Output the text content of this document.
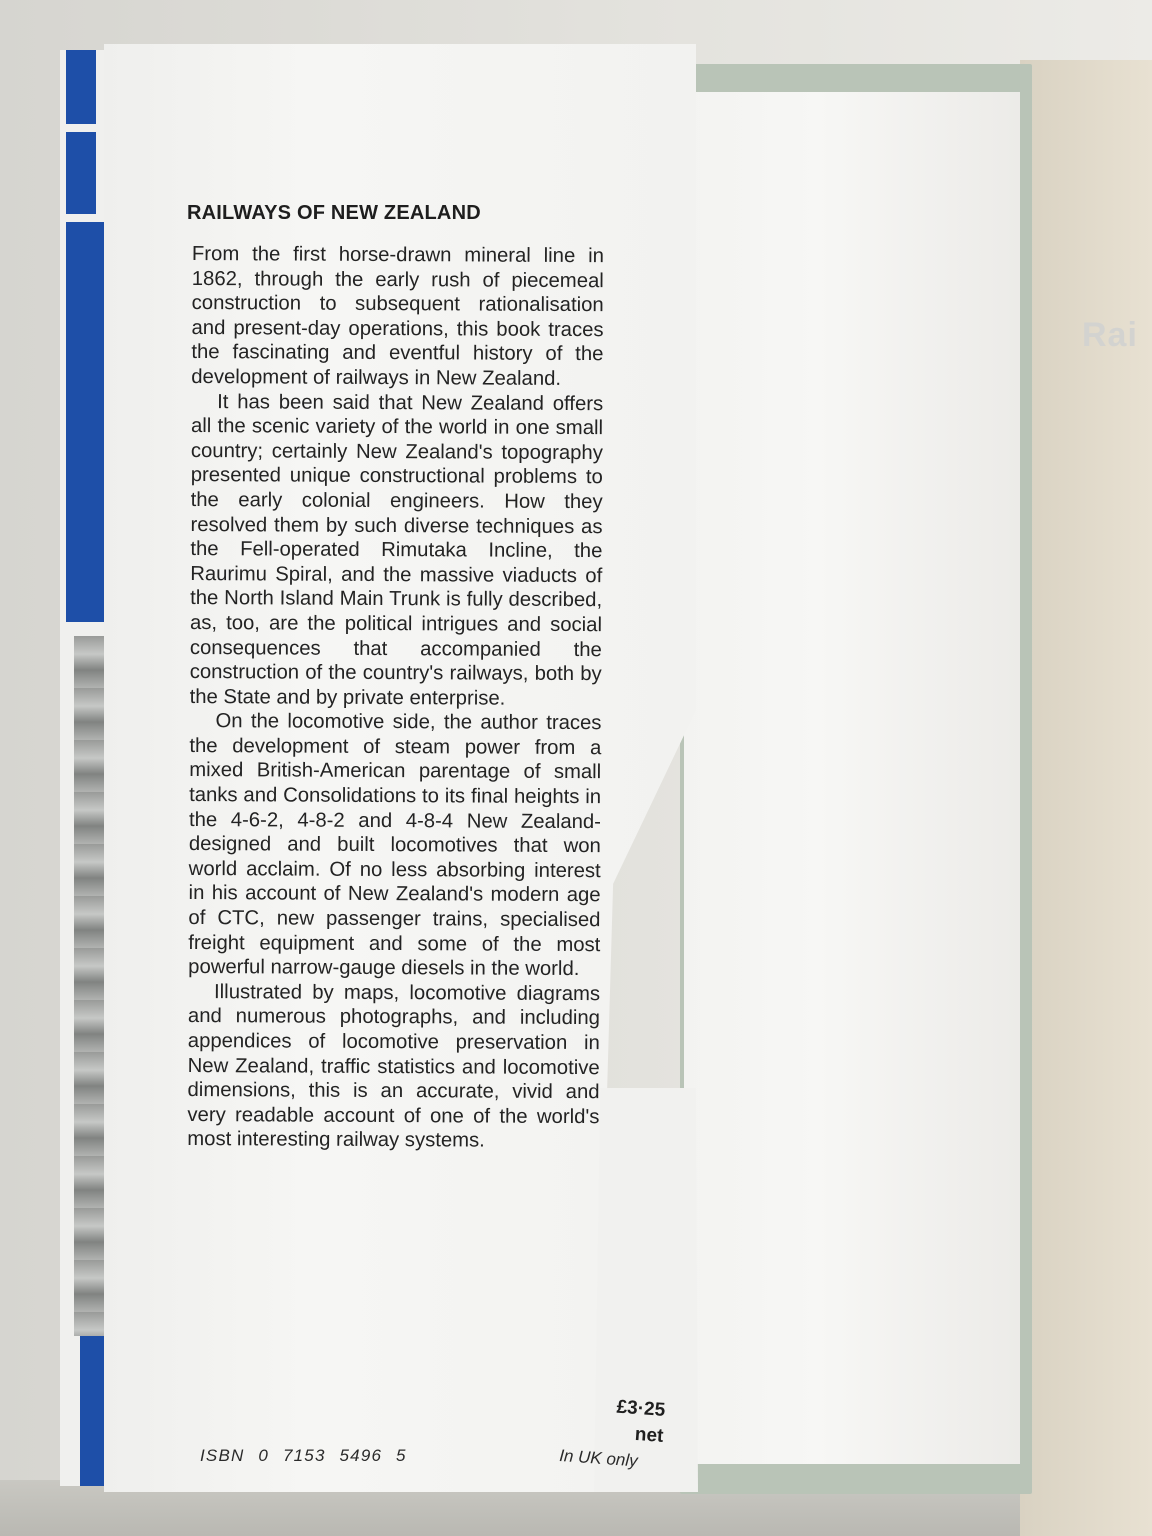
Rai
RAILWAYS OF NEW ZEALAND

From the first horse-drawn mineral line in 1862, through the early rush of piecemeal construction to subsequent rationalisation and present-day operations, this book traces the fascinating and eventful history of the development of railways in New Zealand.

It has been said that New Zealand offers all the scenic variety of the world in one small country; certainly New Zealand's topography presented unique constructional problems to the early colonial engineers. How they resolved them by such diverse techniques as the Fell-operated Rimutaka Incline, the Raurimu Spiral, and the massive viaducts of the North Island Main Trunk is fully described, as, too, are the political intrigues and social consequences that accompanied the construction of the country's railways, both by the State and by private enterprise.

On the locomotive side, the author traces the development of steam power from a mixed British-American parentage of small tanks and Consolidations to its final heights in the 4-6-2, 4-8-2 and 4-8-4 New Zealand-designed and built locomotives that won world acclaim. Of no less absorbing interest in his account of New Zealand's modern age of CTC, new passenger trains, specialised freight equipment and some of the most powerful narrow-gauge diesels in the world.

Illustrated by maps, locomotive diagrams and numerous photographs, and including appendices of locomotive preservation in New Zealand, traffic statistics and locomotive dimensions, this is an accurate, vivid and very readable account of one of the world's most interesting railway systems.

ISBN 0 7153 5496 5
£3·25
net
In UK only
